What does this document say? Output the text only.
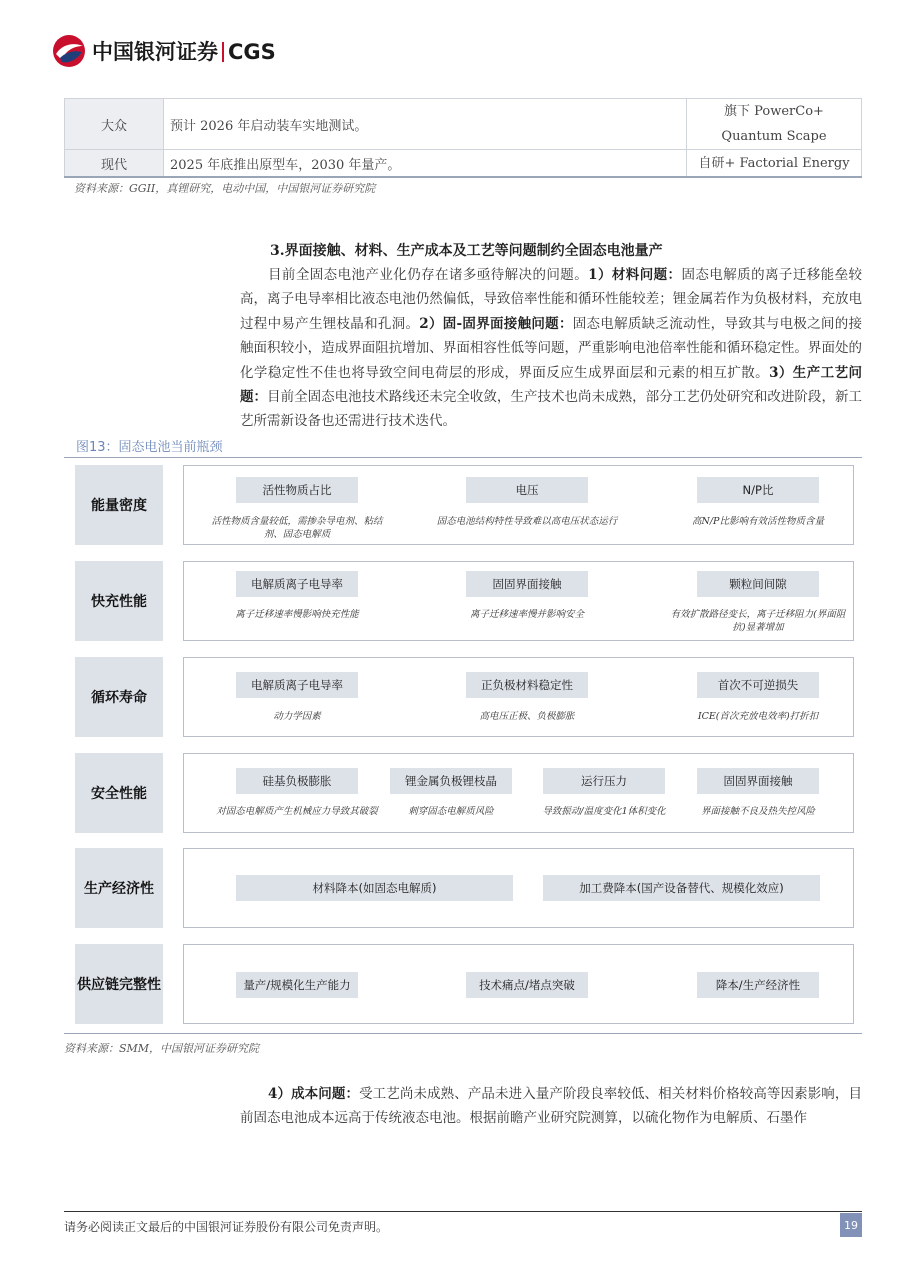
中国银河证券 CGS
大众	预计 2026 年启动装车实地测试。	旗下 PowerCo+ Quantum Scape
现代	2025 年底推出原型车，2030 年量产。	自研+ Factorial Energy
资料来源：GGII，真锂研究，电动中国，中国银河证券研究院
3.界面接触、材料、生产成本及工艺等问题制约全固态电池量产
目前全固态电池产业化仍存在诸多亟待解决的问题。1）材料问题：固态电解质的离子迁移能垒较高，离子电导率相比液态电池仍然偏低，导致倍率性能和循环性能较差；锂金属若作为负极材料，充放电过程中易产生锂枝晶和孔洞。2）固-固界面接触问题：固态电解质缺乏流动性，导致其与电极之间的接触面积较小，造成界面阻抗增加、界面相容性低等问题，严重影响电池倍率性能和循环稳定性。界面处的化学稳定性不佳也将导致空间电荷层的形成，界面反应生成界面层和元素的相互扩散。3）生产工艺问题：目前全固态电池技术路线还未完全收敛，生产技术也尚未成熟，部分工艺仍处研究和改进阶段，新工艺所需新设备也还需进行技术迭代。
图13：固态电池当前瓶颈
能量密度
活性物质占比	电压	N/P比
活性物质含量较低，需掺杂导电剂、粘结剂、固态电解质
固态电池结构特性导致难以高电压状态运行	高N/P比影响有效活性物质含量
快充性能
电解质离子电导率	固固界面接触	颗粒间间隙
离子迁移速率慢影响快充性能	离子迁移速率慢并影响安全	有效扩散路径变长，离子迁移阻力(界面阻抗)显著增加
循环寿命
电解质离子电导率	正负极材料稳定性	首次不可逆损失
动力学因素	高电压正极、负极膨胀	ICE(首次充放电效率)打折扣
安全性能
硅基负极膨胀	锂金属负极锂枝晶	运行压力	固固界面接触
对固态电解质产生机械应力导致其破裂	刺穿固态电解质风险	导致振动/温度变化1体积变化	界面接触不良及热失控风险
生产经济性	材料降本(如固态电解质)	加工费降本(国产设备替代、规模化效应)
供应链完整性	量产/规模化生产能力	技术痛点/堵点突破	降本/生产经济性
资料来源：SMM，中国银河证券研究院
4）成本问题：受工艺尚未成熟、产品未进入量产阶段良率较低、相关材料价格较高等因素影响，目前固态电池成本远高于传统液态电池。根据前瞻产业研究院测算，以硫化物作为电解质、石墨作
请务必阅读正文最后的中国银河证券股份有限公司免责声明。	19
